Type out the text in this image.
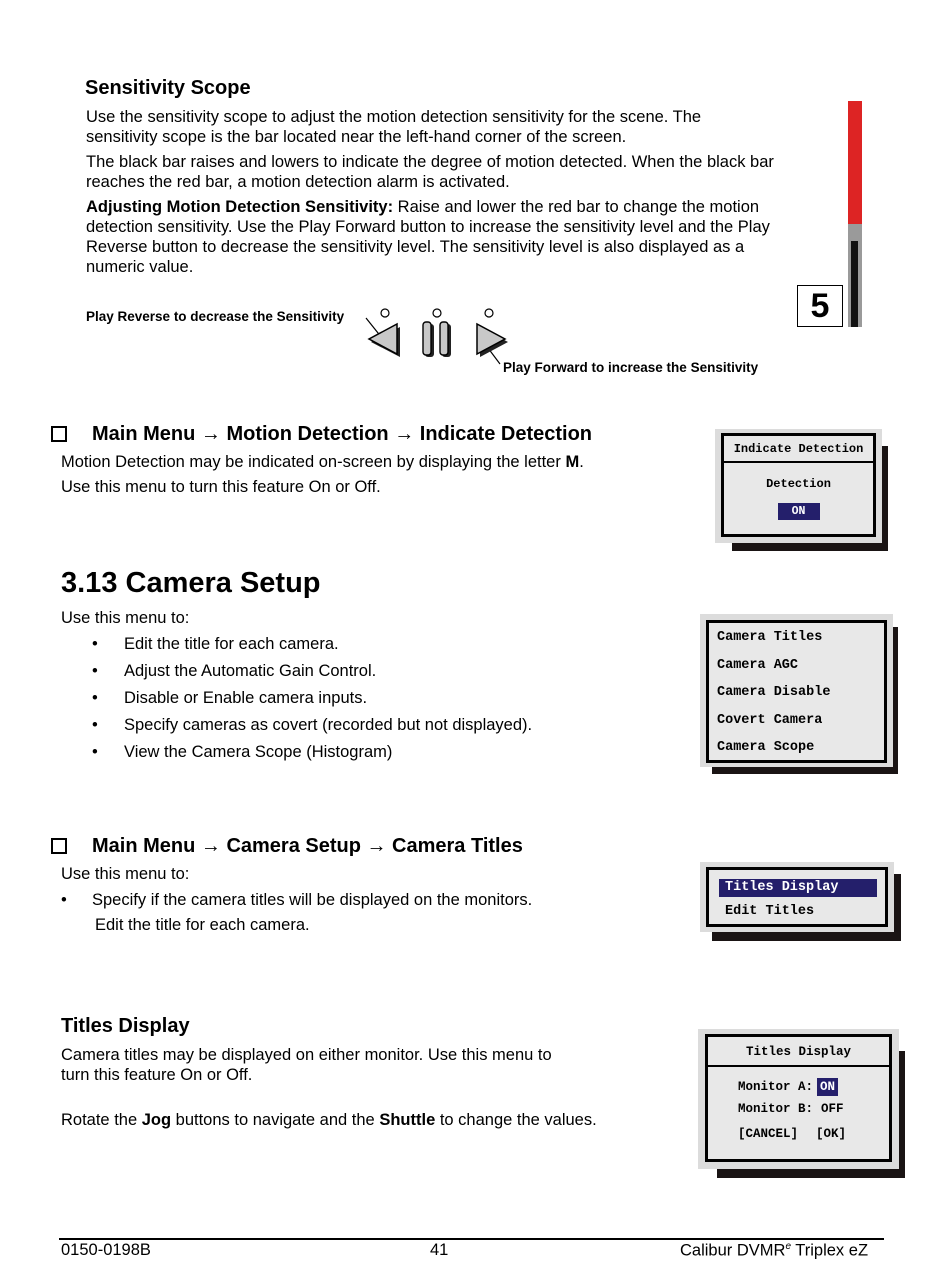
Sensitivity Scope

Use the sensitivity scope to adjust the motion detection sensitivity for the scene. The sensitivity scope is the bar located near the left-hand corner of the screen.

The black bar raises and lowers to indicate the degree of motion detected. When the black bar reaches the red bar, a motion detection alarm is activated.

Adjusting Motion Detection Sensitivity: Raise and lower the red bar to change the motion detection sensitivity. Use the Play Forward button to increase the sensitivity level and the Play Reverse button to decrease the sensitivity level. The sensitivity level is also displayed as a numeric value.

5
Play Reverse to decrease the Sensitivity
Play Forward to increase the Sensitivity
Main Menu → Motion Detection → Indicate Detection

Motion Detection may be indicated on-screen by displaying the letter M.

Use this menu to turn this feature On or Off.

Indicate Detection
Detection
ON
3.13 Camera Setup
Use this menu to:
• Edit the title for each camera.
• Adjust the Automatic Gain Control.
• Disable or Enable camera inputs.
• Specify cameras as covert (recorded but not displayed).
• View the Camera Scope (Histogram)
Camera Titles
Camera AGC
Camera Disable
Covert Camera
Camera Scope
Main Menu → Camera Setup → Camera Titles
Use this menu to:
• Specify if the camera titles will be displayed on the monitors.
Edit the title for each camera.
Titles Display
Edit Titles
Titles Display
Camera titles may be displayed on either monitor. Use this menu to turn this feature On or Off.
Rotate the Jog buttons to navigate and the Shuttle to change the values.
Titles Display
Monitor A: ON
Monitor B: OFF
[CANCEL] [OK]
0150-0198B	41	Calibur DVMR$^e$ Triplex eZ
